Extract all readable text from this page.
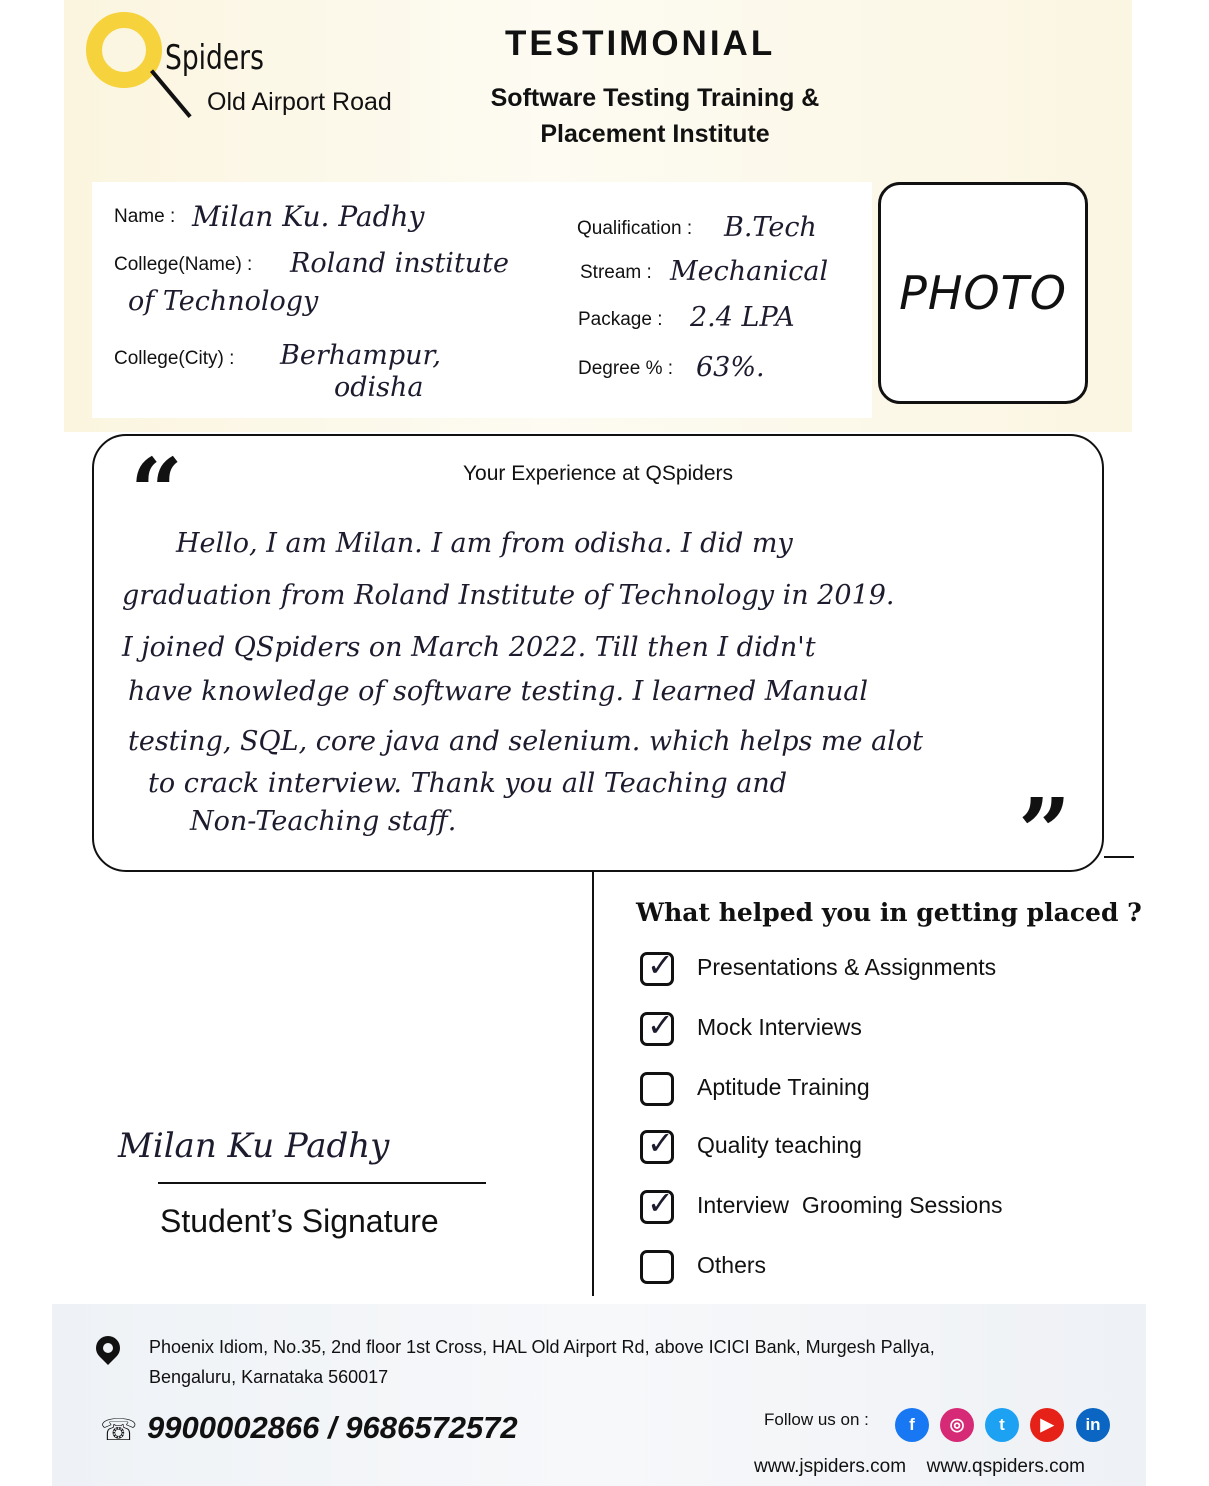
Spiders
Old Airport Road
TESTIMONIAL
Software Testing Training &
Placement Institute
Name : Milan Ku. Padhy
College(Name) : Roland institute
of Technology
College(City) : Berhampur,
odisha
Qualification : B.Tech
Stream : Mechanical
Package : 2.4 LPA
Degree % : 63%.
PHOTO
“	Your Experience at QSpiders
Hello, I am Milan. I am from odisha. I did my
graduation from Roland Institute of Technology in 2019.
I joined QSpiders on March 2022. Till then I didn't
have knowledge of software testing. I learned Manual
testing, SQL, core java and selenium. which helps me alot
to crack interview. Thank you all Teaching and
Non-Teaching staff.	”
What helped you in getting placed ?
✓ Presentations & Assignments
✓ Mock Interviews
Aptitude Training
✓ Quality teaching
✓ Interview  Grooming Sessions
Others
Milan Ku Padhy
Student’s Signature
Phoenix Idiom, No.35, 2nd floor 1st Cross, HAL Old Airport Rd, above ICICI Bank, Murgesh Pallya,
Bengaluru, Karnataka 560017
☏ 9900002866 / 9686572572	Follow us on : f ◎ t ▶ in
www.jspiders.com www.qspiders.com
